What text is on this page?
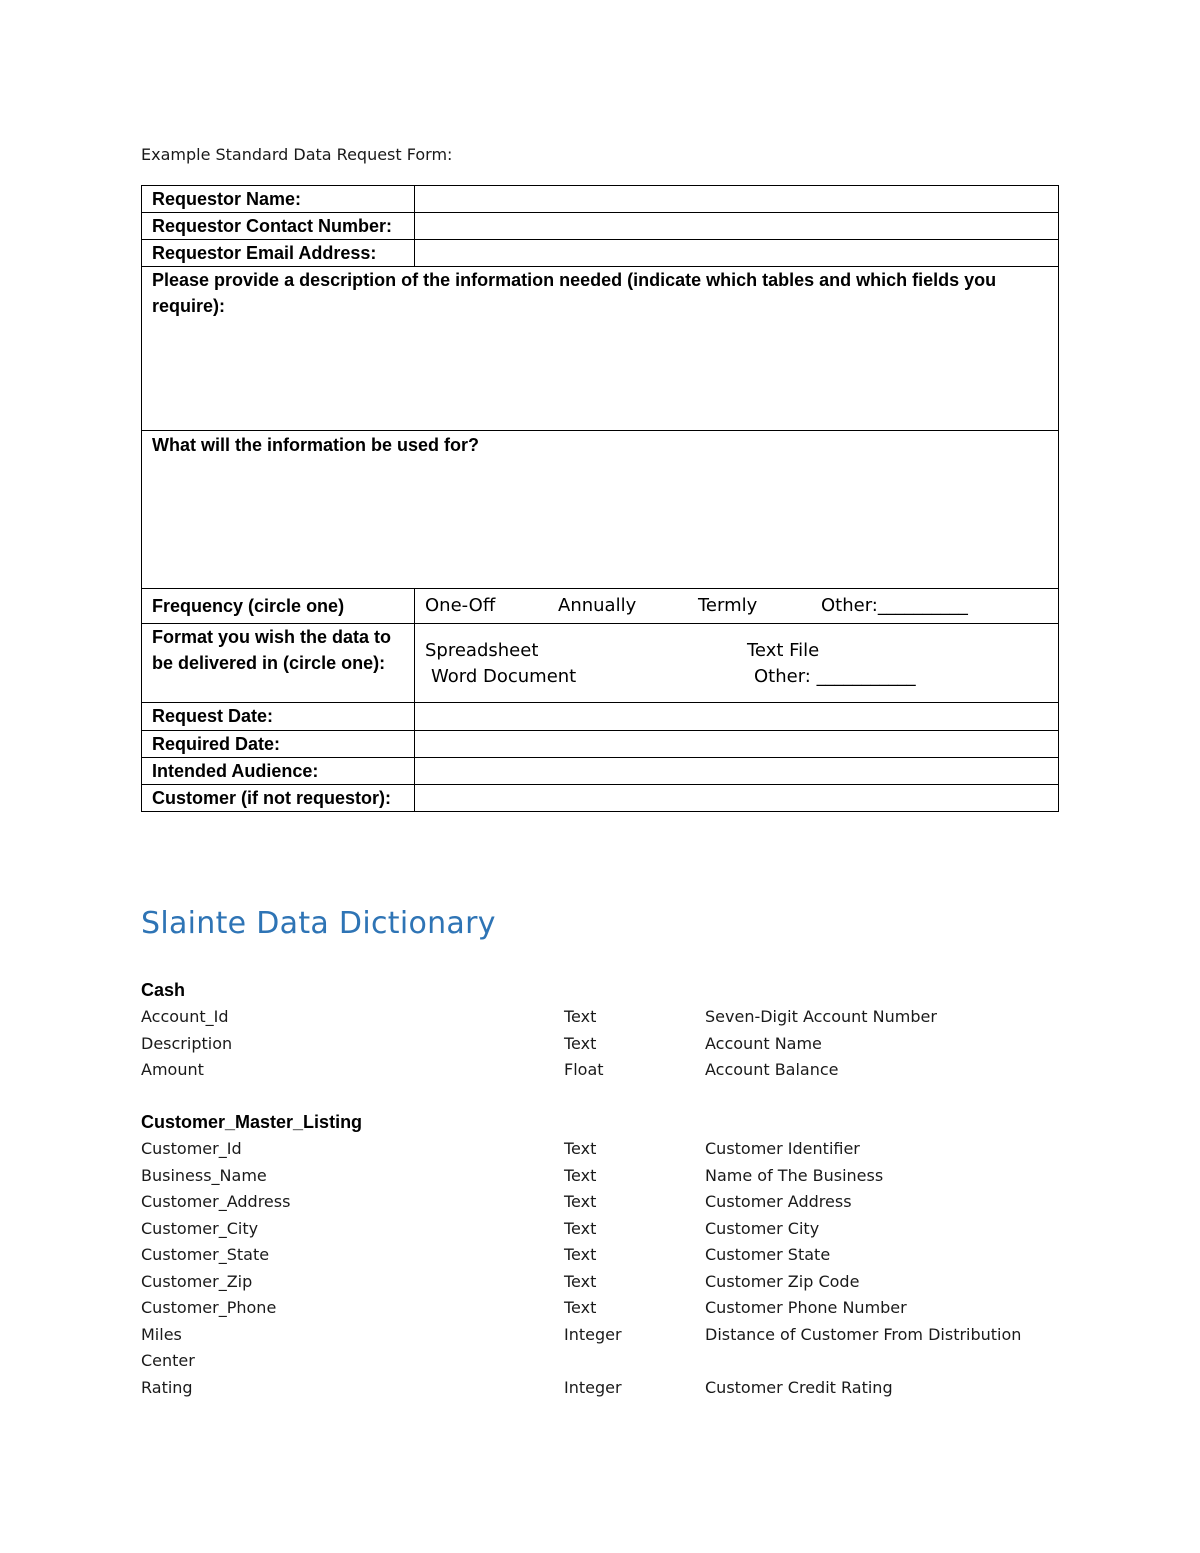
Example Standard Data Request Form:
Requestor Name:	
Requestor Contact Number:	
Requestor Email Address:	

Please provide a description of the information needed (indicate which tables and which fields you require):	

What will the information be used for?	

Frequency (circle one)	One-Off Annually Termly Other:__________
Format you wish the data to be delivered in (circle one):	Spreadsheet Text File
Word Document Other: ___________

Request Date:	
Required Date:	
Intended Audience:	
Customer (if not requestor):	
Slainte Data Dictionary
Cash
Account_Id	Text	Seven-Digit Account Number
Description	Text	Account Name
Amount	Float	Account Balance
Customer_Master_Listing
Customer_Id	Text	Customer Identifier
Business_Name	Text	Name of The Business
Customer_Address	Text	Customer Address
Customer_City	Text	Customer City
Customer_State	Text	Customer State
Customer_Zip	Text	Customer Zip Code
Customer_Phone	Text	Customer Phone Number
Miles	Integer	Distance of Customer From Distribution
Center
Rating	Integer	Customer Credit Rating
